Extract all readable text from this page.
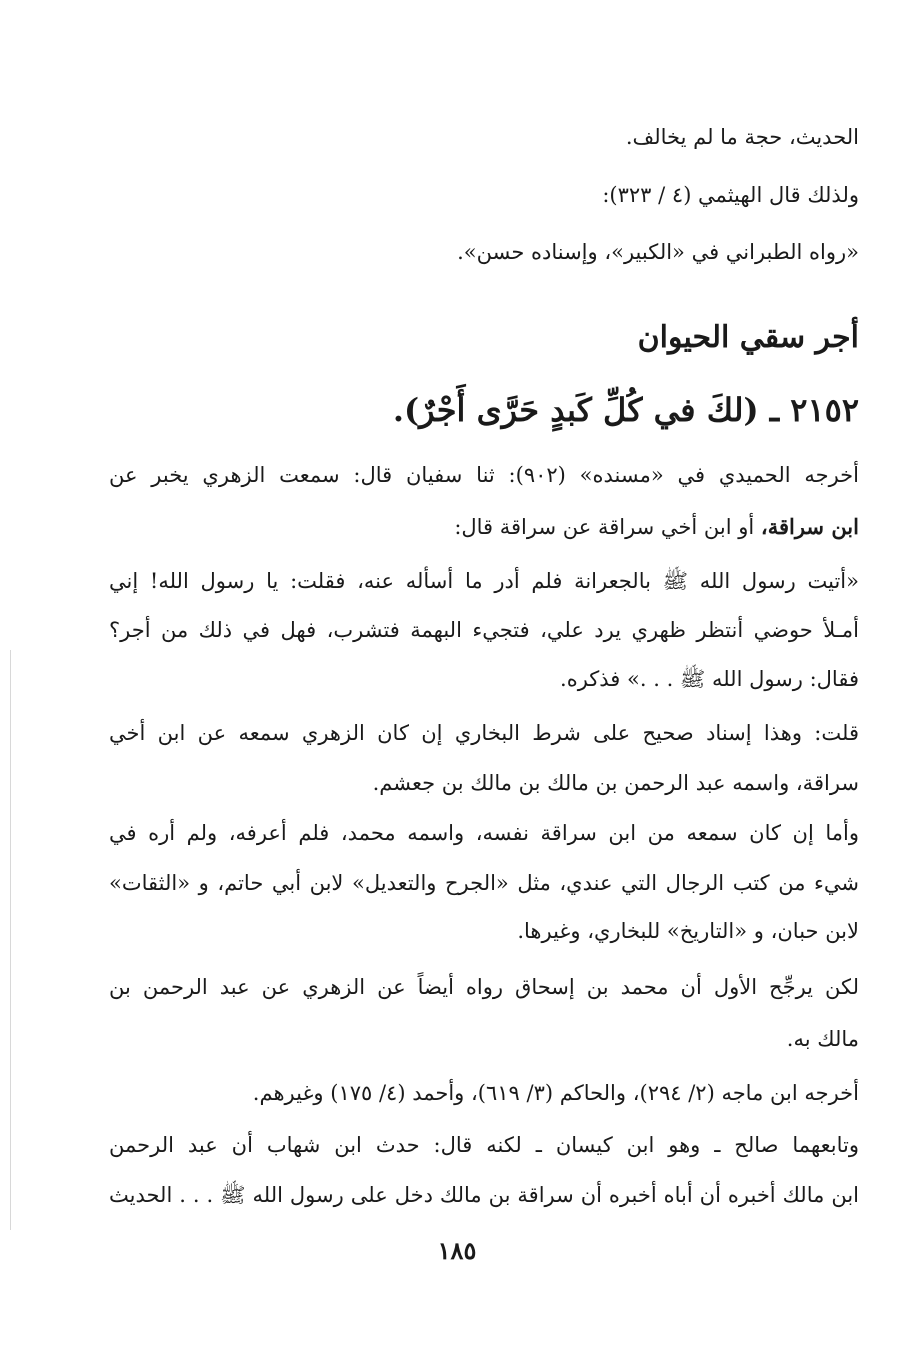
الحديث، حجة ما لم يخالف.
ولذلك قال الهيثمي (٤ / ٣٢٣):
«رواه الطبراني في «الكبير»، وإسناده حسن».
أجر سقي الحيوان
٢١٥٢ ـ (لكَ في كُلِّ كَبدٍ حَرَّى أَجْرٌ).
أخرجه الحميدي في «مسنده» (٩٠٢): ثنا سفيان قال: سمعت الزهري يخبر عن
ابن سراقة، أو ابن أخي سراقة عن سراقة قال:
«أتيت رسول الله ﷺ بالجعرانة فلم أدر ما أسأله عنه، فقلت: يا رسول الله! إني
أمـلأ حوضي أنتظر ظهري يرد علي، فتجيء البهمة فتشرب، فهل في ذلك من أجر؟
فقال: رسول الله ﷺ . . .» فذكره.
قلت: وهذا إسناد صحيح على شرط البخاري إن كان الزهري سمعه عن ابن أخي
سراقة، واسمه عبد الرحمن بن مالك بن مالك بن جعشم.
وأما إن كان سمعه من ابن سراقة نفسه، واسمه محمد، فلم أعرفه، ولم أره في
شيء من كتب الرجال التي عندي، مثل «الجرح والتعديل» لابن أبي حاتم، و «الثقات»
لابن حبان، و «التاريخ» للبخاري، وغيرها.
لكن يرجِّح الأول أن محمد بن إسحاق رواه أيضاً عن الزهري عن عبد الرحمن بن
مالك به.
أخرجه ابن ماجه (٢/ ٢٩٤)، والحاكم (٣/ ٦١٩)، وأحمد (٤/ ١٧٥) وغيرهم.
وتابعهما صالح ـ وهو ابن كيسان ـ لكنه قال: حدث ابن شهاب أن عبد الرحمن
ابن مالك أخبره أن أباه أخبره أن سراقة بن مالك دخل على رسول الله ﷺ . . . الحديث
١٨٥
